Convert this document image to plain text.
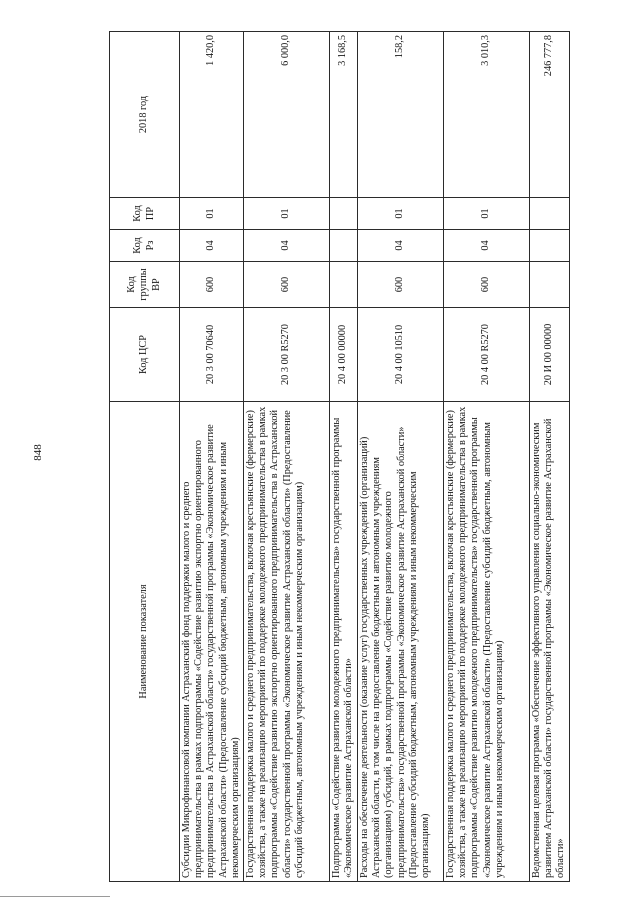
848
Наименование показателя	Код ЦСР	Код группы ВР	Код Рз	Код ПР	2018 год
Субсидии Микрофинансовой компании Астраханский фонд поддержки малого и среднего предпринимательства в рамках подпрограммы «Содействие развитию экспортно ориентированного предпринимательства в Астраханской области» государственной программы «Экономическое развитие Астраханской области» (Предоставление субсидий бюджетным, автономным учреждениям и иным некоммерческим организациям)	20 3 00 70640	600	04	01	1 420,0
Государственная поддержка малого и среднего предпринимательства, включая крестьянские (фермерские) хозяйства, а также на реализацию мероприятий по поддержке молодежного предпринимательства в рамках подпрограммы «Содействие развитию экспортно ориентированного предпринимательства в Астраханской области» государственной программы «Экономическое развитие Астраханской области» (Предоставление субсидий бюджетным, автономным учреждениям и иным некоммерческим организациям)	20 3 00 R5270	600	04	01	6 000,0
Подпрограмма «Содействие развитию молодежного предпринимательства» государственной программы «Экономическое развитие Астраханской области»	20 4 00 00000				3 168,5
Расходы на обеспечение деятельности (оказание услуг) государственных учреждений (организаций) Астраханской области, в том числе на предоставление бюджетным и автономным учреждениям (организациям) субсидий, в рамках подпрограммы «Содействие развитию молодежного предпринимательства» государственной программы «Экономическое развитие Астраханской области» (Предоставление субсидий бюджетным, автономным учреждениям и иным некоммерческим организациям)	20 4 00 10510	600	04	01	158,2
Государственная поддержка малого и среднего предпринимательства, включая крестьянские (фермерские) хозяйства, а также на реализацию мероприятий по поддержке молодежного предпринимательства в рамках подпрограммы «Содействие развитию молодежного предпринимательства» государственной программы «Экономическое развитие Астраханской области» (Предоставление субсидий бюджетным, автономным учреждениям и иным некоммерческим организациям)	20 4 00 R5270	600	04	01	3 010,3
Ведомственная целевая программа «Обеспечение эффективного управления социально-экономическим развитием Астраханской области» государственной программы «Экономическое развитие Астраханской области»	20 И 00 00000				246 777,8
